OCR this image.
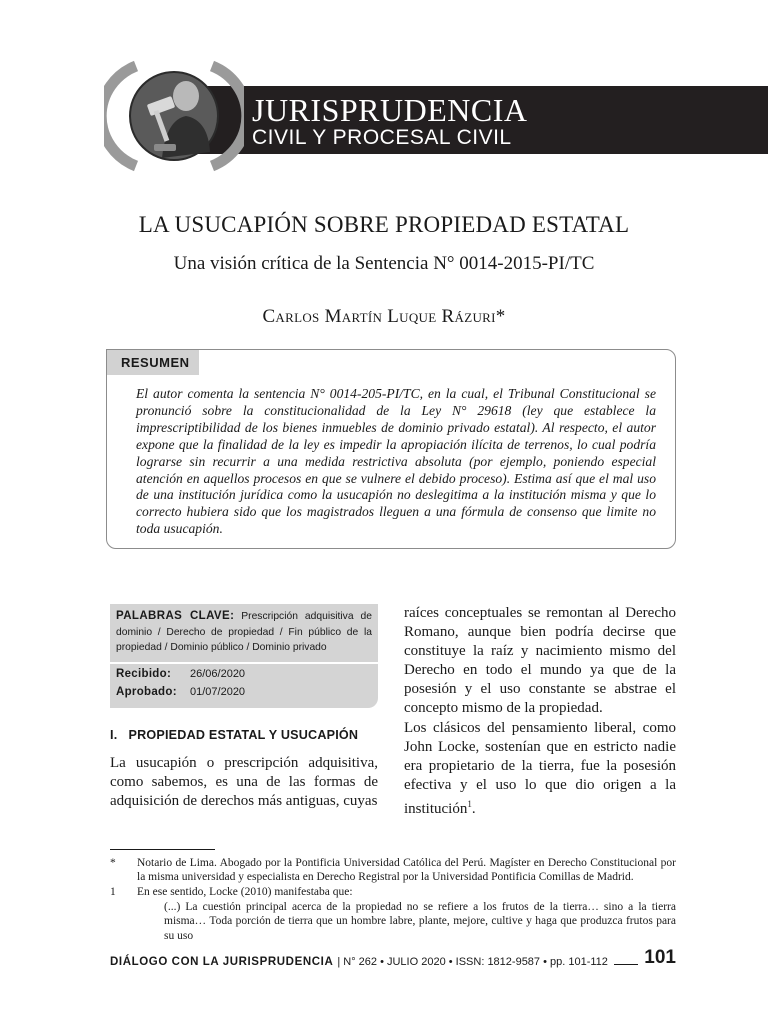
JURISPRUDENCIA
CIVIL Y PROCESAL CIVIL
LA USUCAPIÓN SOBRE PROPIEDAD ESTATAL
Una visión crítica de la Sentencia N° 0014-2015-PI/TC
Carlos Martín Luque Rázuri*
RESUMEN
El autor comenta la sentencia N° 0014-205-PI/TC, en la cual, el Tribunal Constitucional se pronunció sobre la constitucionalidad de la Ley N° 29618 (ley que establece la imprescriptibilidad de los bienes inmuebles de dominio privado estatal). Al respecto, el autor expone que la finalidad de la ley es impedir la apropiación ilícita de terrenos, lo cual podría lograrse sin recurrir a una medida restrictiva absoluta (por ejemplo, poniendo especial atención en aquellos procesos en que se vulnere el debido proceso). Estima así que el mal uso de una institución jurídica como la usucapión no deslegitima a la institución misma y que lo correcto hubiera sido que los magistrados lleguen a una fórmula de consenso que limite no toda usucapión.
PALABRAS CLAVE: Prescripción adquisitiva de dominio / Derecho de propiedad / Fin público de la propiedad / Dominio público / Dominio privado
Recibido: 26/06/2020
Aprobado: 01/07/2020
I.   PROPIEDAD ESTATAL Y USUCAPIÓN
La usucapión o prescripción adquisitiva, como sabemos, es una de las formas de adquisición de derechos más antiguas, cuyas
raíces conceptuales se remontan al Derecho Romano, aunque bien podría decirse que constituye la raíz y nacimiento mismo del Derecho en todo el mundo ya que de la posesión y el uso constante se abstrae el concepto mismo de la propiedad.
Los clásicos del pensamiento liberal, como John Locke, sostenían que en estricto nadie era propietario de la tierra, fue la posesión efectiva y el uso lo que dio origen a la institución$^1$.
* Notario de Lima. Abogado por la Pontificia Universidad Católica del Perú. Magíster en Derecho Constitucional por la misma universidad y especialista en Derecho Registral por la Universidad Pontificia Comillas de Madrid.
1 En ese sentido, Locke (2010) manifestaba que:
(...) La cuestión principal acerca de la propiedad no se refiere a los frutos de la tierra… sino a la tierra misma… Toda porción de tierra que un hombre labre, plante, mejore, cultive y haga que produzca frutos para su uso
DIÁLOGO CON LA JURISPRUDENCIA | N° 262 • JULIO 2020 • ISSN: 1812-9587 • pp. 101-112 101
